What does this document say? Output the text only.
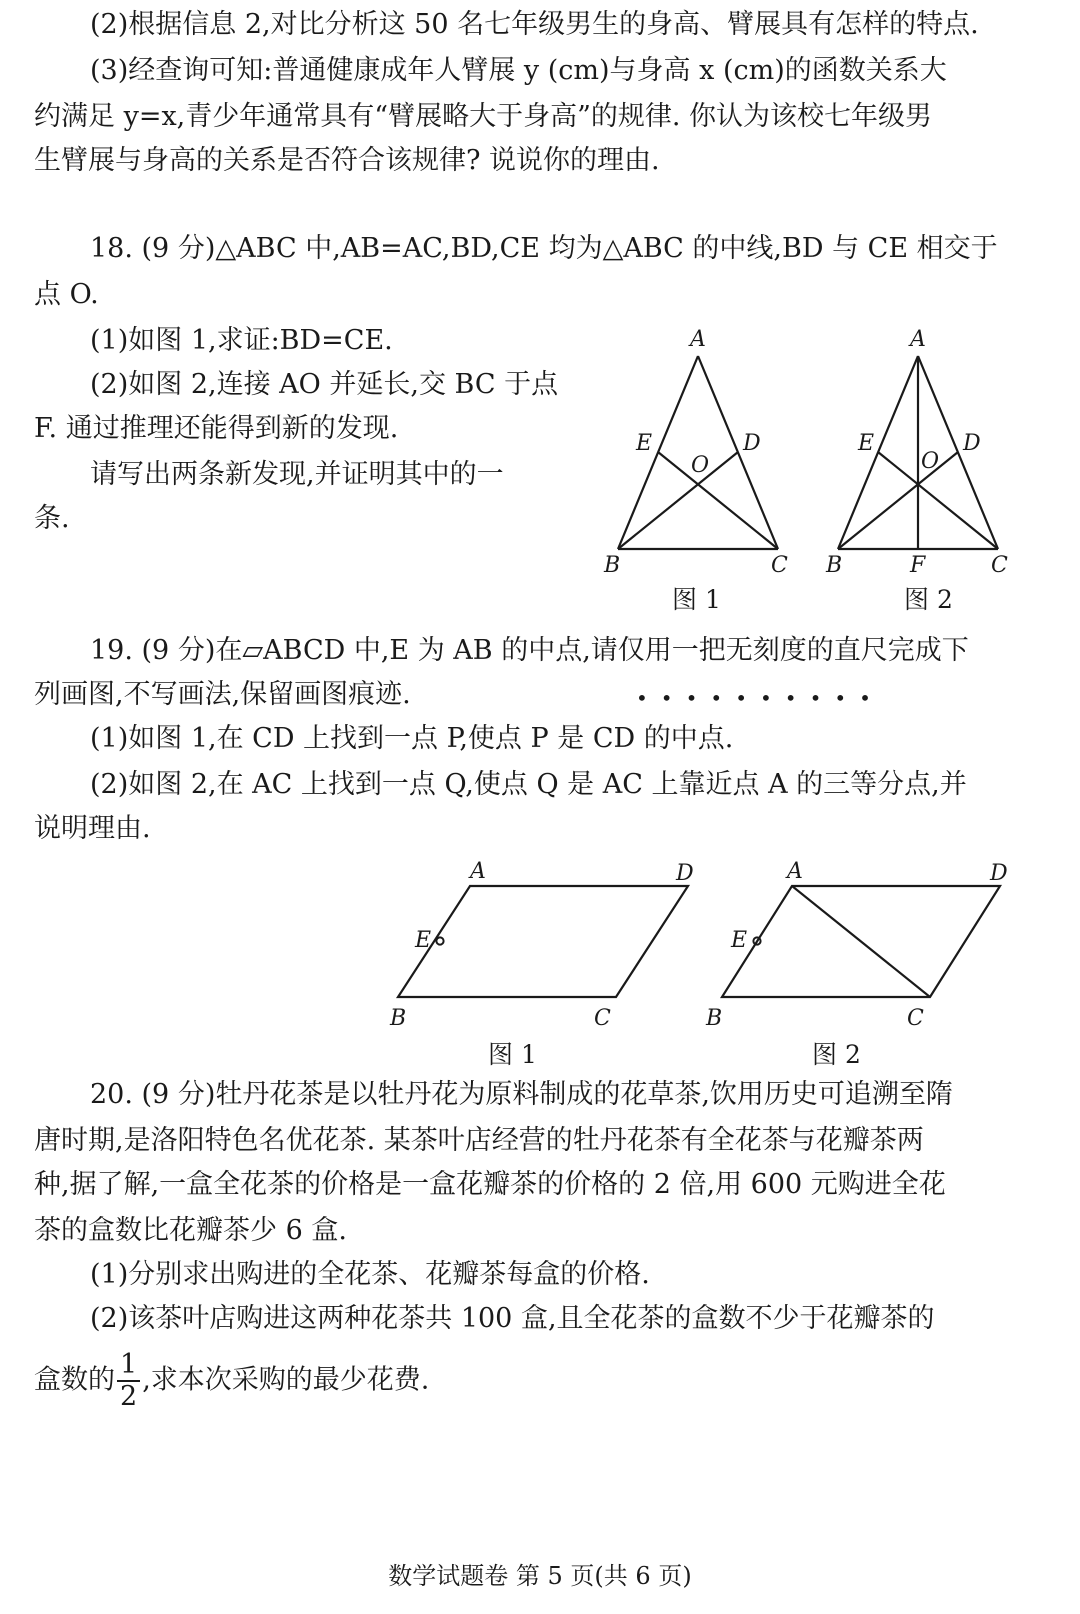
(2)根据信息 2,对比分析这 50 名七年级男生的身高、臂展具有怎样的特点.
(3)经查询可知:普通健康成年人臂展 y (cm)与身高 x (cm)的函数关系大
约满足 y=x,青少年通常具有“臂展略大于身高”的规律. 你认为该校七年级男
生臂展与身高的关系是否符合该规律? 说说你的理由.
18. (9 分)△ABC 中,AB=AC,BD,CE 均为△ABC 的中线,BD 与 CE 相交于
点 O.
(1)如图 1,求证:BD=CE.
(2)如图 2,连接 AO 并延长,交 BC 于点
F. 通过推理还能得到新的发现.
请写出两条新发现,并证明其中的一
条.
A
B	C
D
E
O
A
B	C
D
E
O
F
A	D
E
B	C
A	D
E
B	C
图 1	图 2
19. (9 分)在▱ABCD 中,E 为 AB 的中点,请仅用一把无刻度的直尺完成下
••••••••••
列画图,不写画法,保留画图痕迹.
(1)如图 1,在 CD 上找到一点 P,使点 P 是 CD 的中点.
(2)如图 2,在 AC 上找到一点 Q,使点 Q 是 AC 上靠近点 A 的三等分点,并
说明理由.
图 1	图 2
20. (9 分)牡丹花茶是以牡丹花为原料制成的花草茶,饮用历史可追溯至隋
唐时期,是洛阳特色名优花茶. 某茶叶店经营的牡丹花茶有全花茶与花瓣茶两
种,据了解,一盒全花茶的价格是一盒花瓣茶的价格的 2 倍,用 600 元购进全花
茶的盒数比花瓣茶少 6 盒.
(1)分别求出购进的全花茶、花瓣茶每盒的价格.
(2)该茶叶店购进这两种花茶共 100 盒,且全花茶的盒数不少于花瓣茶的
盒数的 $\frac{1}{2}$ ,求本次采购的最少花费.
数学试题卷 第 5 页(共 6 页)
